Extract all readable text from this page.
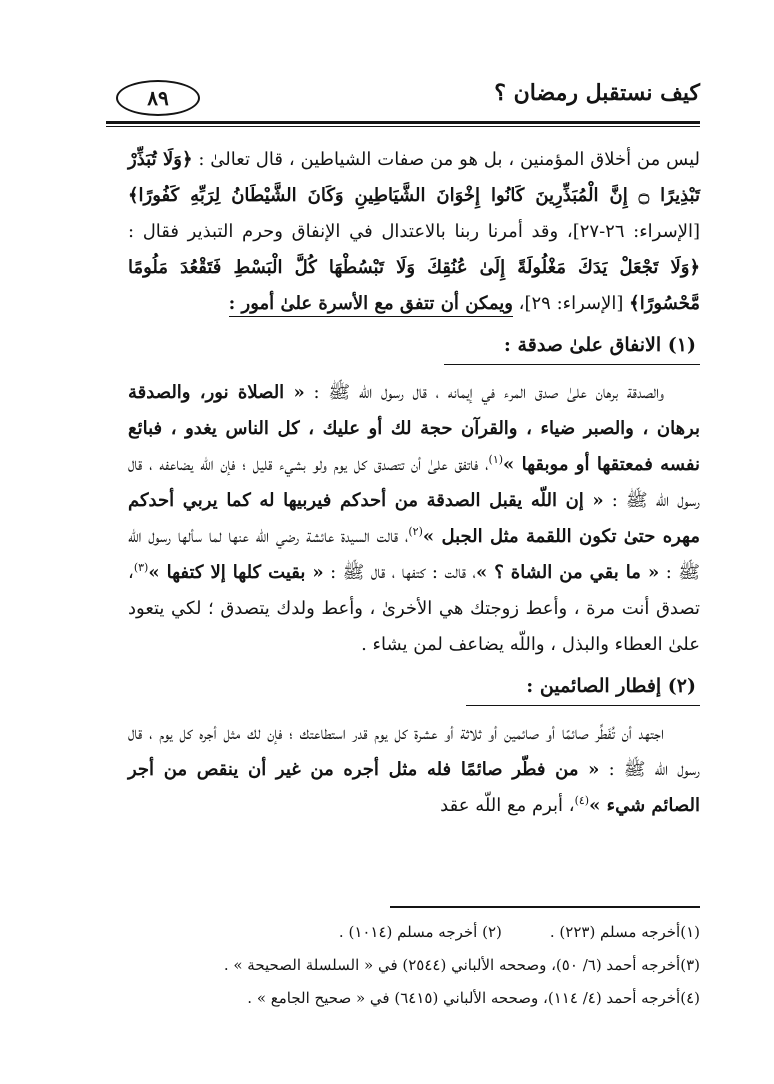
كيف نستقبل رمضان ؟
٨٩

ليس من أخلاق المؤمنين ، بل هو من صفات الشياطين ، قال تعالىٰ : ﴿وَلَا تُبَذِّرْ تَبْذِيرًا ۝ إِنَّ الْمُبَذِّرِينَ كَانُوا إِخْوَانَ الشَّيَاطِينِ وَكَانَ الشَّيْطَانُ لِرَبِّهِ كَفُورًا﴾ [الإسراء: ٢٦-٢٧]، وقد أمرنا ربنا بالاعتدال في الإنفاق وحرم التبذير فقال : ﴿وَلَا تَجْعَلْ يَدَكَ مَغْلُولَةً إِلَىٰ عُنُقِكَ وَلَا تَبْسُطْهَا كُلَّ الْبَسْطِ فَتَقْعُدَ مَلُومًا مَّحْسُورًا﴾ [الإسراء: ٢٩]، ويمكن أن تتفق مع الأسرة علىٰ أمور :

(١) الانفاق علىٰ صدقة :

والصدقة برهان علىٰ صدق المرء في إيمانه ، قال رسول اللّه ﷺ : « الصلاة نور، والصدقة برهان ، والصبر ضياء ، والقرآن حجة لك أو عليك ، كل الناس يغدو ، فبائع نفسه فمعتقها أو موبقها »$^{(١)}$، فاتفق علىٰ أن تتصدق كل يوم ولو بشيء قليل ؛ فإن اللّه يضاعفه ، قال رسول اللّه ﷺ : « إن اللّه يقبل الصدقة من أحدكم فيربيها له كما يربي أحدكم مهره حتىٰ تكون اللقمة مثل الجبل »$^{(٢)}$، قالت السيدة عائشة رضي الله عنها لما سألها رسول اللّه ﷺ : « ما بقي من الشاة ؟ »، قالت : كتفها ، قال ﷺ : « بقيت كلها إلا كتفها »$^{(٣)}$، تصدق أنت مرة ، وأعط زوجتك هي الأخرىٰ ، وأعط ولدك يتصدق ؛ لكي يتعود علىٰ العطاء والبذل ، واللّه يضاعف لمن يشاء .

(٢) إفطار الصائمين :

اجتهد أن تُفَطِّر صائمًا أو صائمين أو ثلاثة أو عشرة كل يوم قدر استطاعتك ؛ فإن لك مثل أجره كل يوم ، قال رسول اللّه ﷺ : « من فطّر صائمًا فله مثل أجره من غير أن ينقص من أجر الصائم شيء »$^{(٤)}$، أبرم مع اللّه عقد

(١)أخرجه مسلم (٢٢٣) .(٢) أخرجه مسلم (١٠١٤) .
(٣)أخرجه أحمد (٦/ ٥٠)، وصححه الألباني (٢٥٤٤) في « السلسلة الصحيحة » .
(٤)أخرجه أحمد (٤/ ١١٤)، وصححه الألباني (٦٤١٥) في « صحيح الجامع » .
